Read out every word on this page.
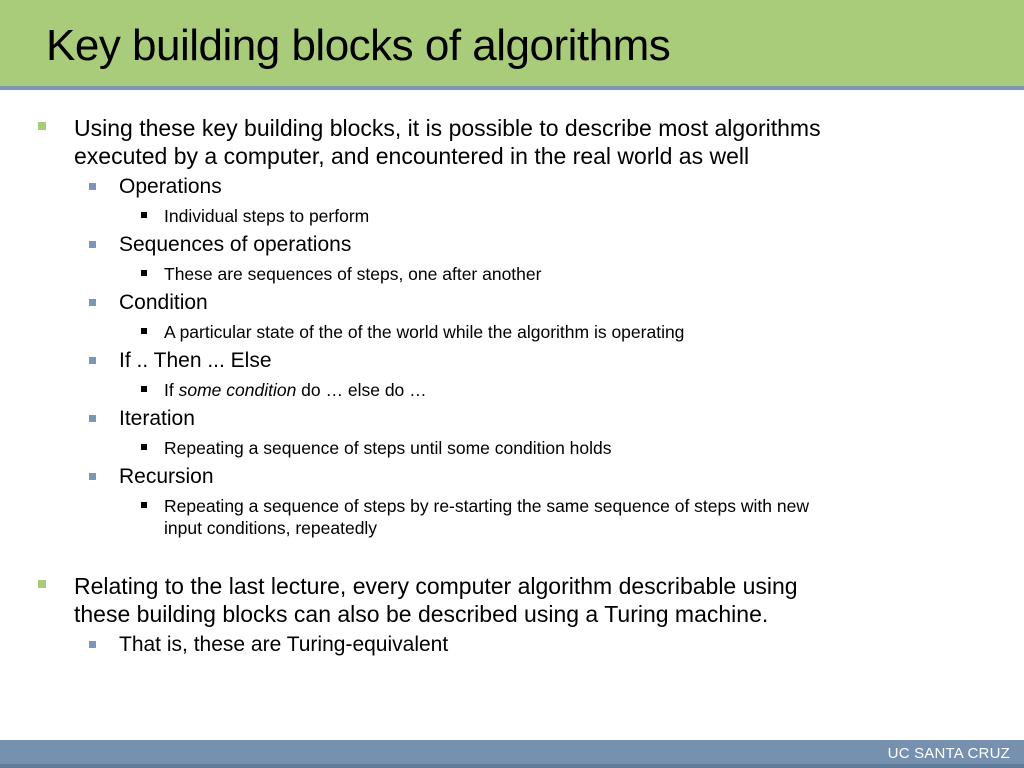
Key building blocks of algorithms
Using these key building blocks, it is possible to describe most algorithms
executed by a computer, and encountered in the real world as well
Operations
Individual steps to perform
Sequences of operations
These are sequences of steps, one after another
Condition
A particular state of the of the world while the algorithm is operating
If .. Then ... Else
If some condition do … else do …
Iteration
Repeating a sequence of steps until some condition holds
Recursion
Repeating a sequence of steps by re-starting the same sequence of steps with new
input conditions, repeatedly
Relating to the last lecture, every computer algorithm describable using
these building blocks can also be described using a Turing machine.
That is, these are Turing-equivalent
UC SANTA CRUZ
